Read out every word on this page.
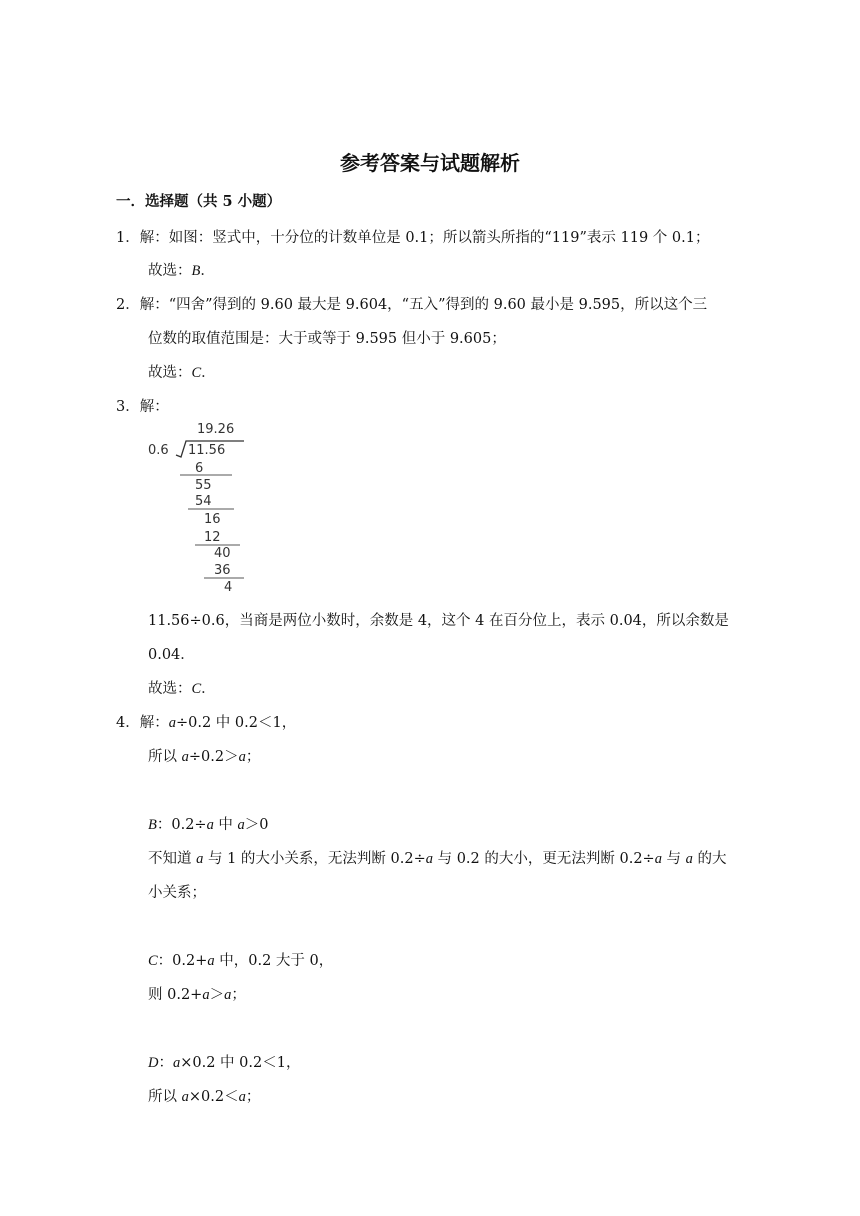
参考答案与试题解析
一．选择题（共 5 小题）
1．解：如图：竖式中，十分位的计数单位是 0.1；所以箭头所指的“119”表示 119 个 0.1；
故选：B．
2．解：“四舍”得到的 9.60 最大是 9.604，“五入”得到的 9.60 最小是 9.595，所以这个三
位数的取值范围是：大于或等于 9.595 但小于 9.605；
故选：C．
3．解：
19.26
0.6 11.56
6
55
54
16
12
40
36
4
11.56÷0.6，当商是两位小数时，余数是 4，这个 4 在百分位上，表示 0.04，所以余数是
0.04．
故选：C．
4．解：a÷0.2 中 0.2＜1，
所以 a÷0.2＞a；
B：0.2÷a 中 a＞0
不知道 a 与 1 的大小关系，无法判断 0.2÷a 与 0.2 的大小，更无法判断 0.2÷a 与 a 的大
小关系；
C：0.2+a 中，0.2 大于 0，
则 0.2+a＞a；
D：a×0.2 中 0.2＜1，
所以 a×0.2＜a；
